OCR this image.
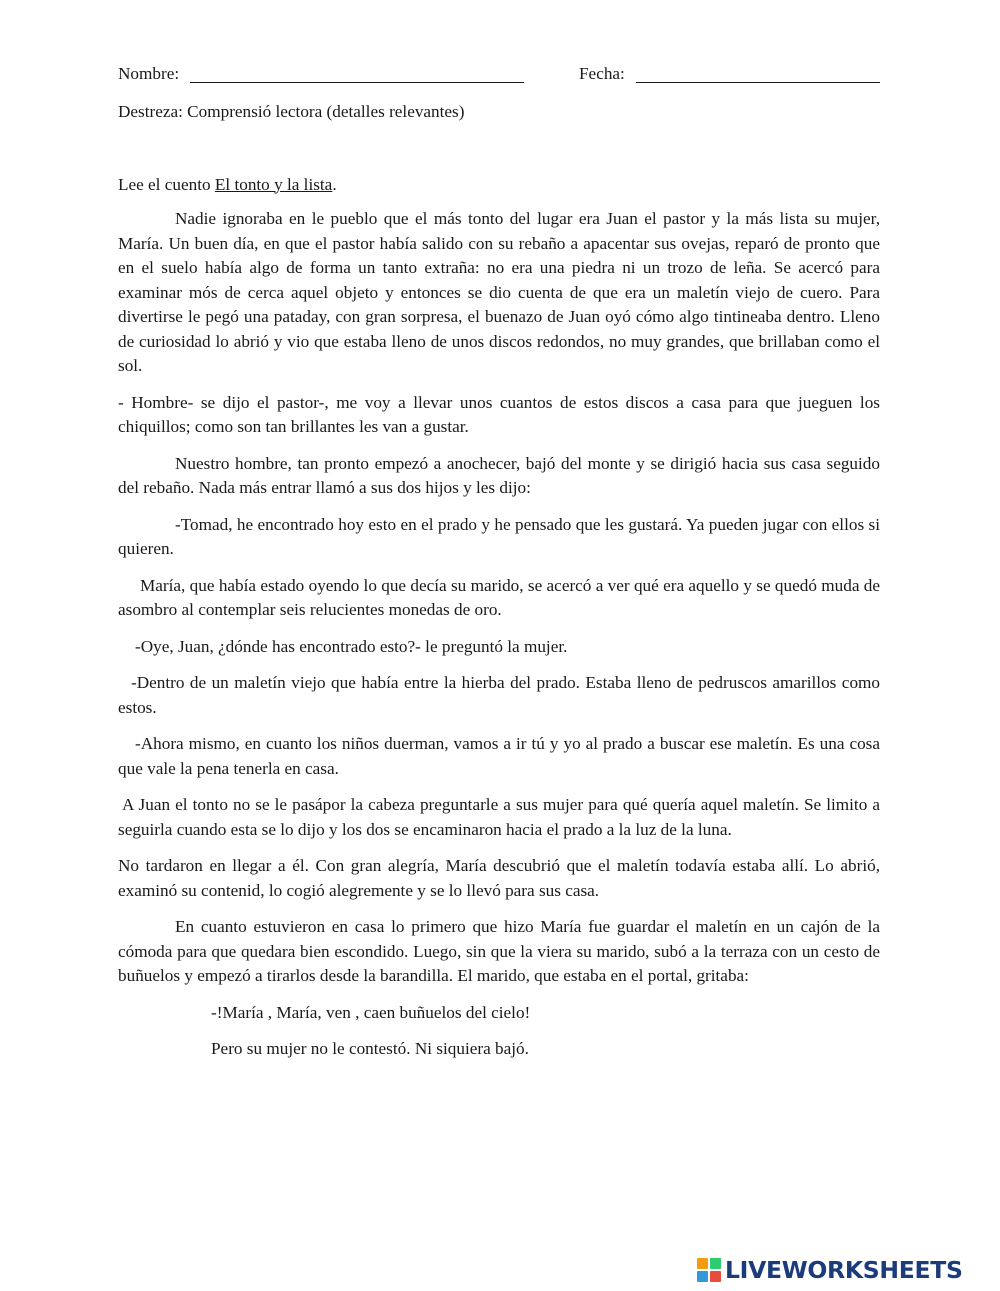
Nombre:	Fecha:

Destreza: Comprensió lectora (detalles relevantes)

Lee el cuento El tonto y la lista.

Nadie ignoraba en le pueblo que el más tonto del lugar era Juan el pastor y la más lista su mujer, María. Un buen día, en que el pastor había salido con su rebaño a apacentar sus ovejas, reparó de pronto que en el suelo había algo de forma un tanto extraña: no era una piedra ni un trozo de leña. Se acercó para examinar mós de cerca aquel objeto y entonces se dio cuenta de que era un maletín viejo de cuero. Para divertirse le pegó una pataday, con gran sorpresa, el buenazo de Juan oyó cómo algo tintineaba dentro. Lleno de curiosidad lo abrió y vio que estaba lleno de unos discos redondos, no muy grandes, que brillaban como el sol.

- Hombre- se dijo el pastor-, me voy a llevar unos cuantos de estos discos a casa para que jueguen los chiquillos; como son tan brillantes les van a gustar.

Nuestro hombre, tan pronto empezó a anochecer, bajó del monte y se dirigió hacia sus casa seguido del rebaño. Nada más entrar llamó a sus dos hijos y les dijo:

-Tomad, he encontrado hoy esto en el prado y he pensado que les gustará. Ya pueden jugar con ellos si quieren.

María, que había estado oyendo lo que decía su marido, se acercó a ver qué era aquello y se quedó muda de asombro al contemplar seis relucientes monedas de oro.

-Oye, Juan, ¿dónde has encontrado esto?- le preguntó la mujer.

-Dentro de un maletín viejo que había entre la hierba del prado. Estaba lleno de pedruscos amarillos como estos.

-Ahora mismo, en cuanto los niños duerman, vamos a ir tú y yo al prado a buscar ese maletín. Es una cosa que vale la pena tenerla en casa.

A Juan el tonto no se le pasápor la cabeza preguntarle a sus mujer para qué quería aquel maletín. Se limito a seguirla cuando esta se lo dijo y los dos se encaminaron hacia el prado a la luz de la luna.

No tardaron en llegar a él. Con gran alegría, María descubrió que el maletín todavía estaba allí. Lo abrió, examinó su contenid, lo cogió alegremente y se lo llevó para sus casa.

En cuanto estuvieron en casa lo primero que hizo María fue guardar el maletín en un cajón de la cómoda para que quedara bien escondido. Luego, sin que la viera su marido, subó a la terraza con un cesto de buñuelos y empezó a tirarlos desde la barandilla. El marido, que estaba en el portal, gritaba:

-!María , María, ven , caen buñuelos del cielo!

Pero su mujer no le contestó. Ni siquiera bajó.

LIVEWORKSHEETS
